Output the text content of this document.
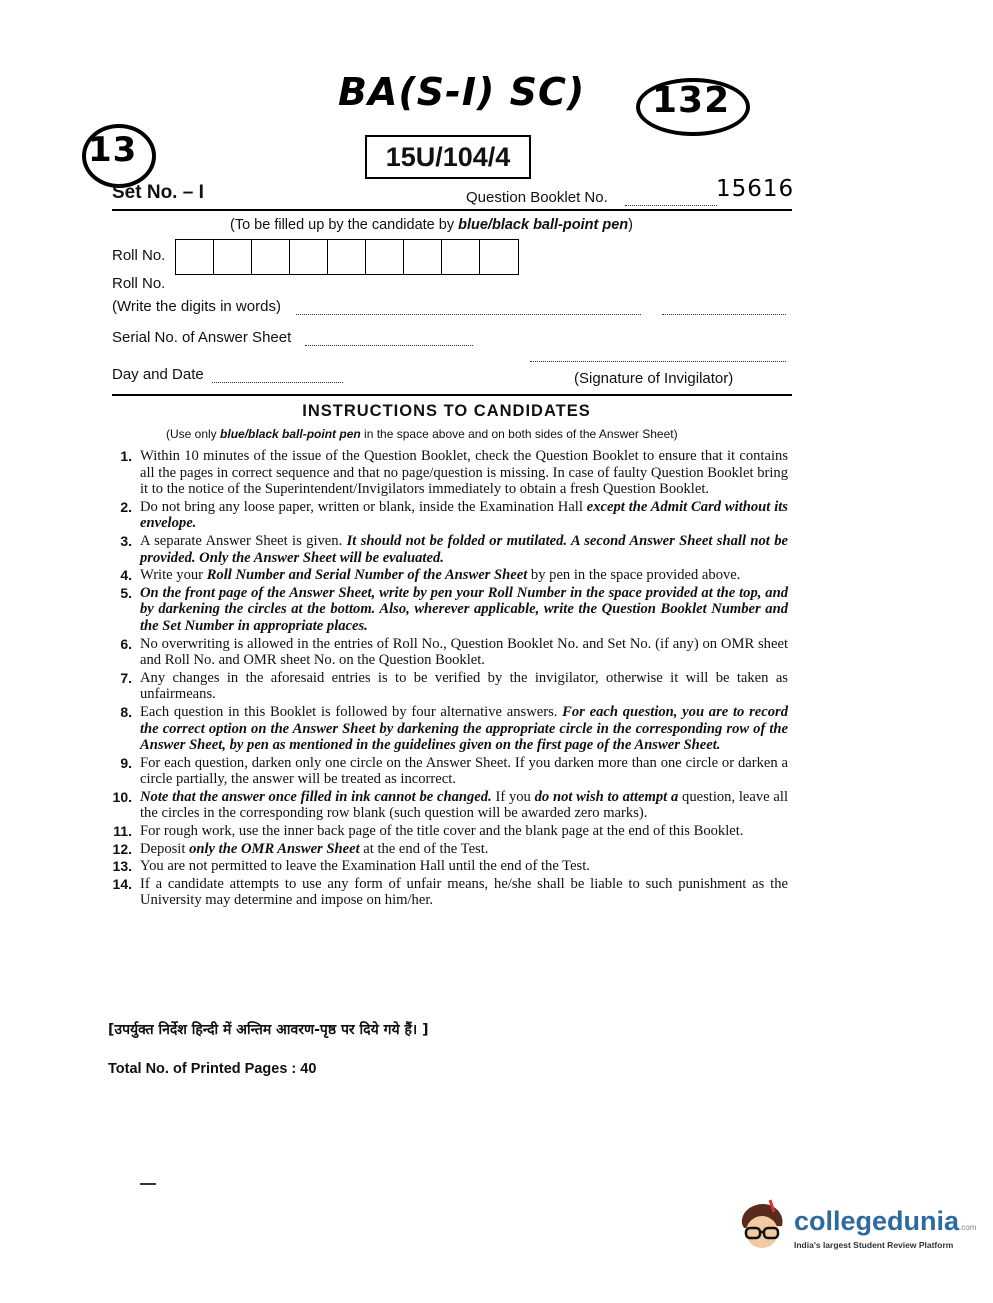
BA(S-I) SC) 132
13	15U/104/4
Set No. – I	Question Booklet No.	15616
(To be filled up by the candidate by blue/black ball-point pen)
Roll No.
Roll No.
(Write the digits in words)
Serial No. of Answer Sheet
Day and Date	(Signature of Invigilator)
INSTRUCTIONS TO CANDIDATES
(Use only blue/black ball-point pen in the space above and on both sides of the Answer Sheet)
1. Within 10 minutes of the issue of the Question Booklet, check the Question Booklet to ensure that it contains all the pages in correct sequence and that no page/question is missing. In case of faulty Question Booklet bring it to the notice of the Superintendent/Invigilators immediately to obtain a fresh Question Booklet.
2. Do not bring any loose paper, written or blank, inside the Examination Hall except the Admit Card without its envelope.
3. A separate Answer Sheet is given. It should not be folded or mutilated. A second Answer Sheet shall not be provided. Only the Answer Sheet will be evaluated.
4. Write your Roll Number and Serial Number of the Answer Sheet by pen in the space provided above.
5. On the front page of the Answer Sheet, write by pen your Roll Number in the space provided at the top, and by darkening the circles at the bottom. Also, wherever applicable, write the Question Booklet Number and the Set Number in appropriate places.
6. No overwriting is allowed in the entries of Roll No., Question Booklet No. and Set No. (if any) on OMR sheet and Roll No. and OMR sheet No. on the Question Booklet.
7. Any changes in the aforesaid entries is to be verified by the invigilator, otherwise it will be taken as unfairmeans.
8. Each question in this Booklet is followed by four alternative answers. For each question, you are to record the correct option on the Answer Sheet by darkening the appropriate circle in the corresponding row of the Answer Sheet, by pen as mentioned in the guidelines given on the first page of the Answer Sheet.
9. For each question, darken only one circle on the Answer Sheet. If you darken more than one circle or darken a circle partially, the answer will be treated as incorrect.
10. Note that the answer once filled in ink cannot be changed. If you do not wish to attempt a question, leave all the circles in the corresponding row blank (such question will be awarded zero marks).
11. For rough work, use the inner back page of the title cover and the blank page at the end of this Booklet.
12. Deposit only the OMR Answer Sheet at the end of the Test.
13. You are not permitted to leave the Examination Hall until the end of the Test.
14. If a candidate attempts to use any form of unfair means, he/she shall be liable to such punishment as the University may determine and impose on him/her.
[उपर्युक्त निर्देश हिन्दी में अन्तिम आवरण-पृष्ठ पर दिये गये हैं। ]
Total No. of Printed Pages : 40
collegedunia.com
India's largest Student Review Platform
